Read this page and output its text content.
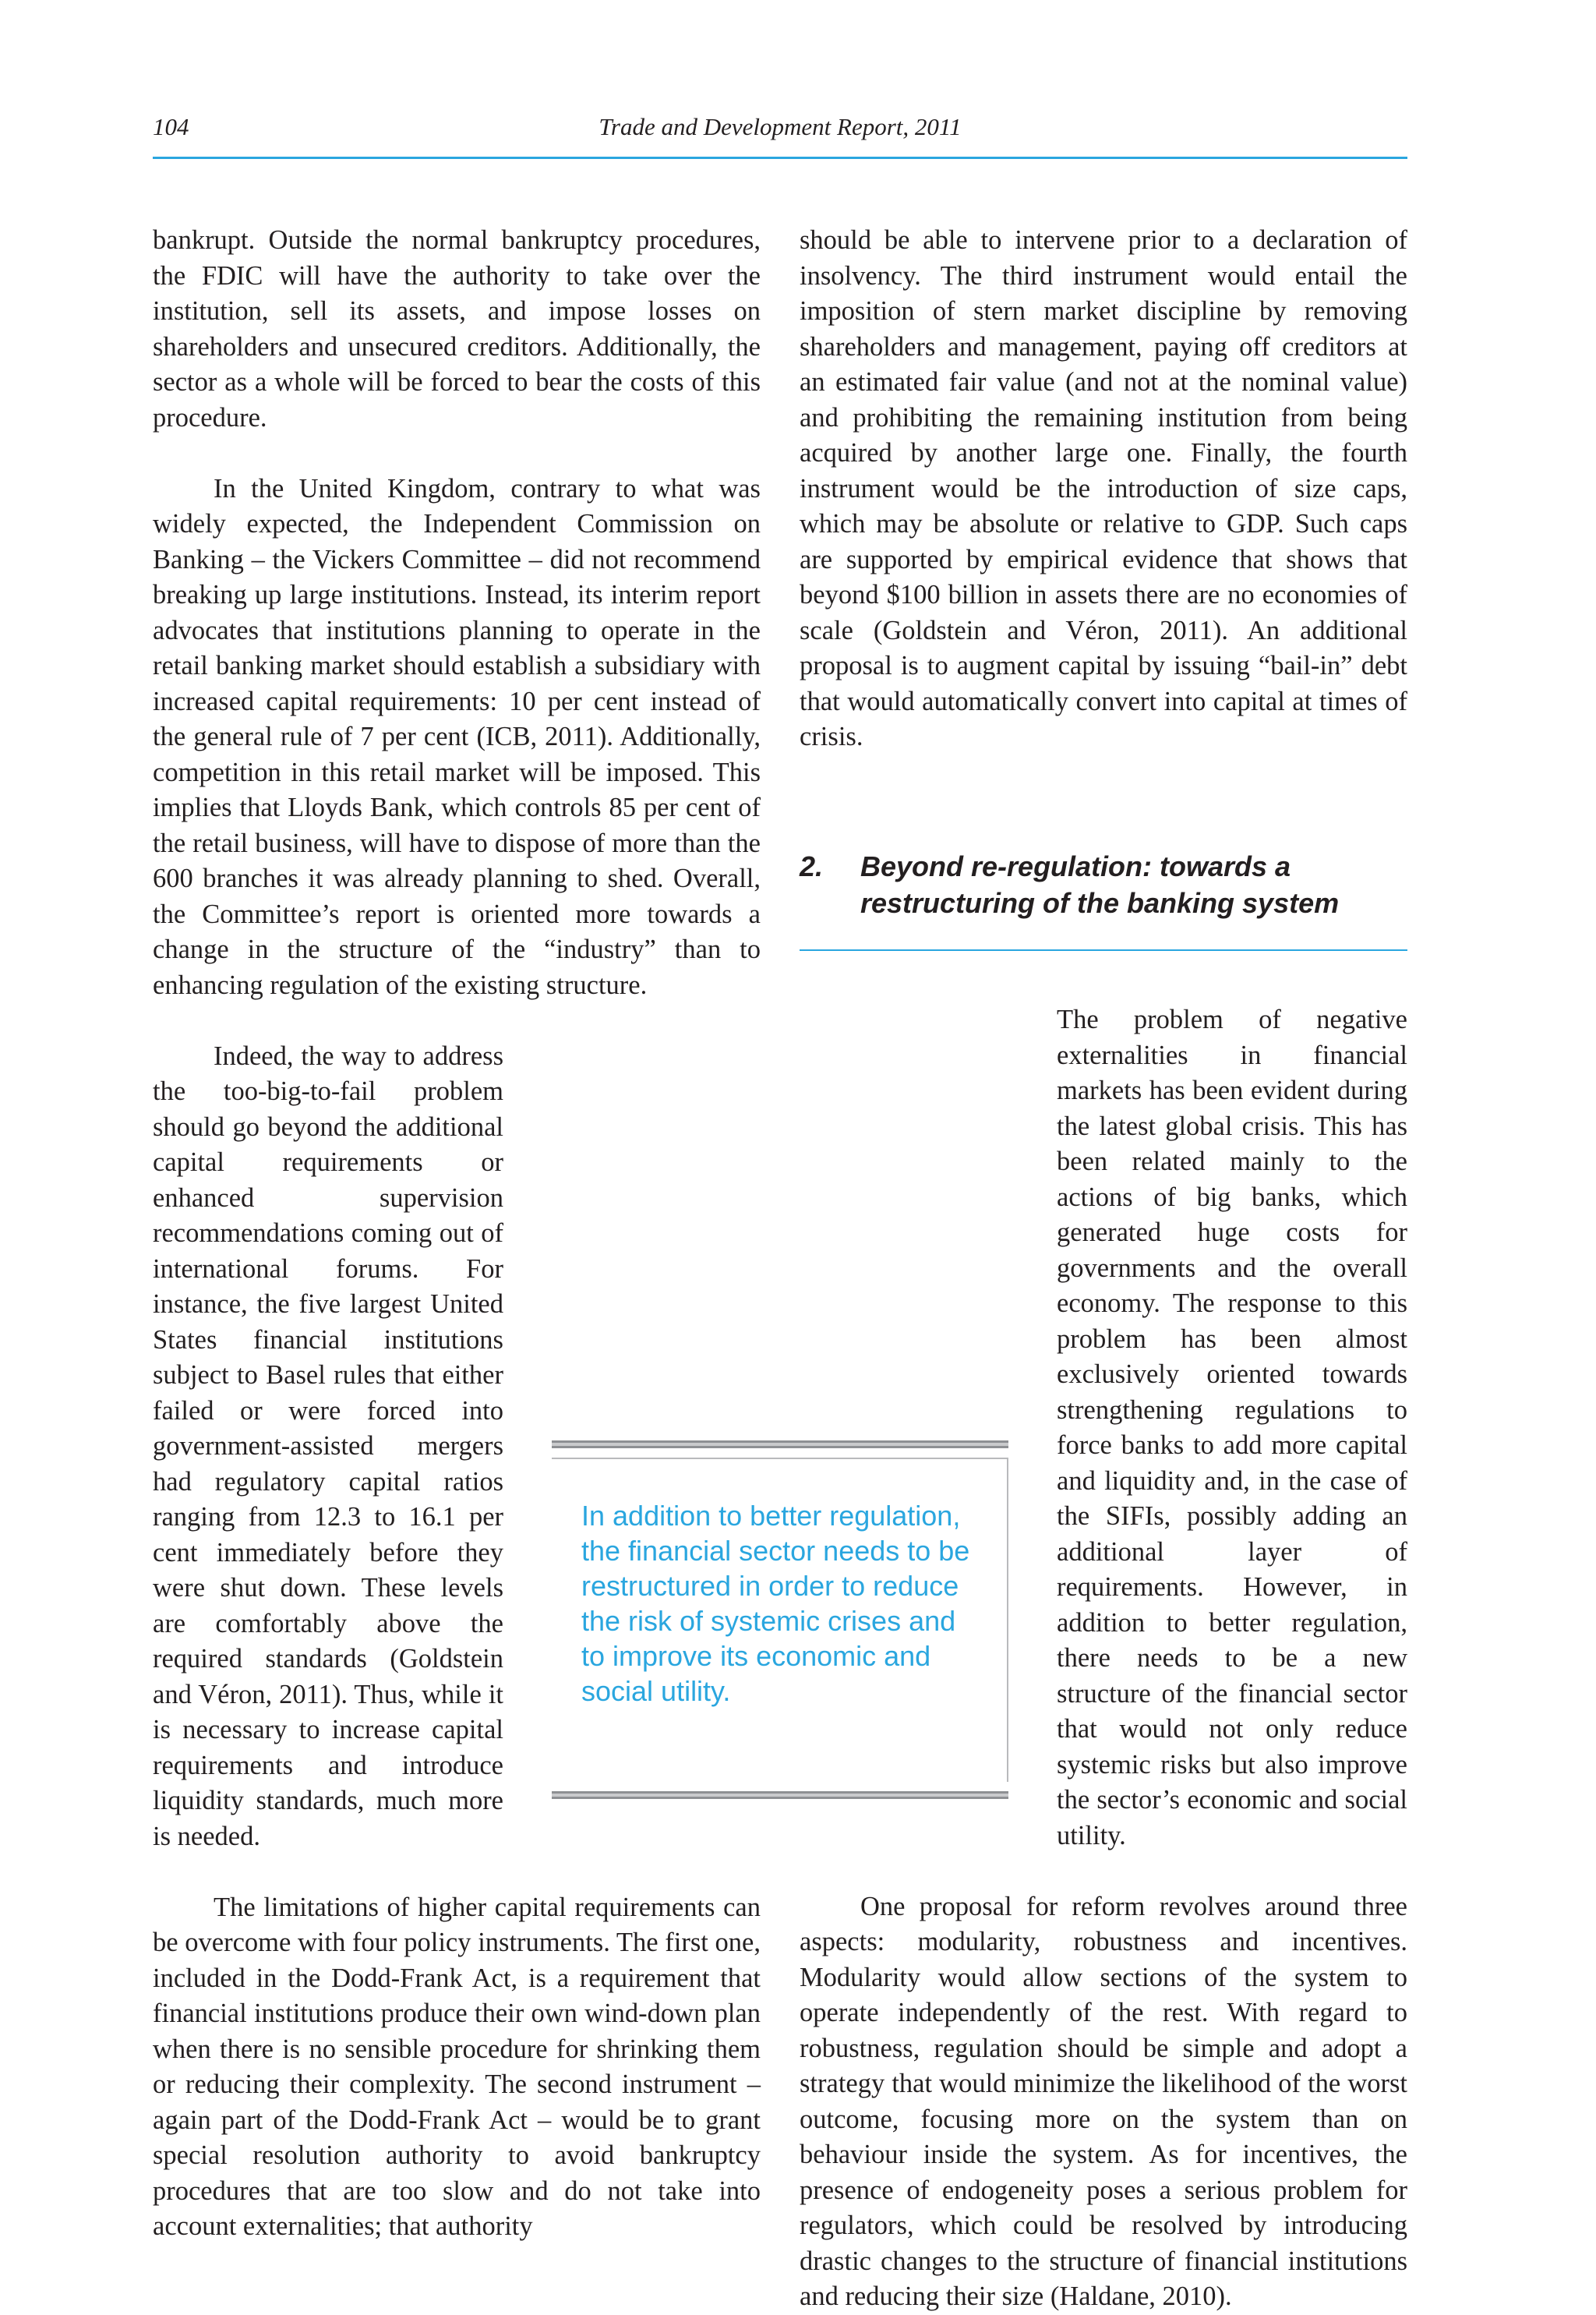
104	Trade and Development Report, 2011

bankrupt. Outside the normal bankruptcy procedures, the FDIC will have the authority to take over the institution, sell its assets, and impose losses on shareholders and unsecured creditors. Additionally, the sector as a whole will be forced to bear the costs of this procedure.

In the United Kingdom, contrary to what was widely expected, the Independent Commission on Banking – the Vickers Committee – did not recommend breaking up large institutions. Instead, its interim report advocates that institutions planning to operate in the retail banking market should establish a subsidiary with increased capital requirements: 10 per cent instead of the general rule of 7 per cent (ICB, 2011). Additionally, competition in this retail market will be imposed. This implies that Lloyds Bank, which controls 85 per cent of the retail business, will have to dispose of more than the 600 branches it was already planning to shed. Overall, the Committee’s report is oriented more towards a change in the structure of the “industry” than to enhancing regulation of the existing structure.

Indeed, the way to address the too-big-to-fail problem should go beyond the additional capital requirements or enhanced supervision recommendations coming out of international forums. For instance, the five largest United States financial institutions subject to Basel rules that either failed or were forced into government-assisted mergers had regulatory capital ratios ranging from 12.3 to 16.1 per cent immediately before they were shut down. These levels are comfortably above the required standards (Goldstein and Véron, 2011). Thus, while it is necessary to increase capital requirements and introduce liquidity standards, much more is needed.

The limitations of higher capital requirements can be overcome with four policy instruments. The first one, included in the Dodd-Frank Act, is a requirement that financial institutions produce their own wind-down plan when there is no sensible procedure for shrinking them or reducing their complexity. The second instrument – again part of the Dodd-Frank Act – would be to grant special resolution authority to avoid bankruptcy procedures that are too slow and do not take into account externalities; that authority

should be able to intervene prior to a declaration of insolvency. The third instrument would entail the imposition of stern market discipline by removing shareholders and management, paying off creditors at an estimated fair value (and not at the nominal value) and prohibiting the remaining institution from being acquired by another large one. Finally, the fourth instrument would be the introduction of size caps, which may be absolute or relative to GDP. Such caps are supported by empirical evidence that shows that beyond $100 billion in assets there are no economies of scale (Goldstein and Véron, 2011). An additional proposal is to augment capital by issuing “bail-in” debt that would automatically convert into capital at times of crisis.

2. Beyond re-regulation: towards a restructuring of the banking system

The problem of negative externalities in financial markets has been evident during the latest global crisis. This has been related mainly to the actions of big banks, which generated huge costs for governments and the overall economy. The response to this problem has been almost exclusively oriented towards strengthening regulations to force banks to add more capital and liquidity and, in the case of the SIFIs, possibly adding an additional layer of requirements. However, in addition to better regulation, there needs to be a new structure of the financial sector that would not only reduce systemic risks but also improve the sector’s economic and social utility.

One proposal for reform revolves around three aspects: modularity, robustness and incentives. Modularity would allow sections of the system to operate independently of the rest. With regard to robustness, regulation should be simple and adopt a strategy that would minimize the likelihood of the worst outcome, focusing more on the system than on behaviour inside the system. As for incentives, the presence of endogeneity poses a serious problem for regulators, which could be resolved by introducing drastic changes to the structure of financial institutions and reducing their size (Haldane, 2010).

In addition to better regulation, the financial sector needs to be restructured in order to reduce the risk of systemic crises and to improve its economic and social utility.
